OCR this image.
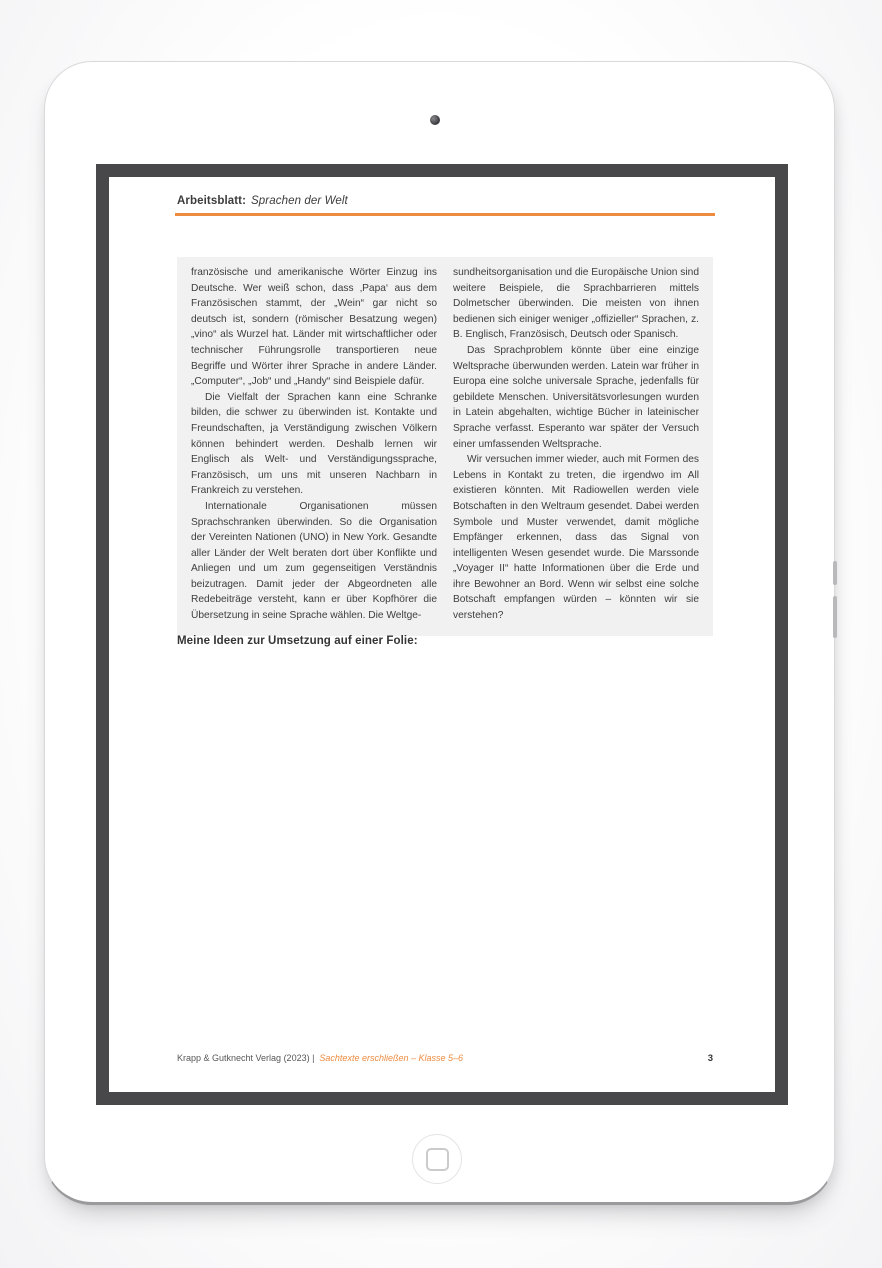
Arbeitsblatt: Sprachen der Welt

französische und amerikanische Wörter Einzug ins Deutsche. Wer weiß schon, dass ‚Papa‘ aus dem Französischen stammt, der „Wein“ gar nicht so deutsch ist, sondern (römischer Besatzung wegen) „vino“ als Wurzel hat. Länder mit wirtschaftlicher oder technischer Führungsrolle transportieren neue Begriffe und Wörter ihrer Sprache in andere Länder. „Computer“, „Job“ und „Handy“ sind Beispiele dafür.

Die Vielfalt der Sprachen kann eine Schranke bilden, die schwer zu überwinden ist. Kontakte und Freundschaften, ja Verständigung zwischen Völkern können behindert werden. Deshalb lernen wir Englisch als Welt- und Verständigungssprache, Französisch, um uns mit unseren Nachbarn in Frankreich zu verstehen.

Internationale Organisationen müssen Sprachschranken überwinden. So die Organisation der Vereinten Nationen (UNO) in New York. Gesandte aller Länder der Welt beraten dort über Konflikte und Anliegen und um zum gegenseitigen Verständnis beizutragen. Damit jeder der Abgeordneten alle Redebeiträge versteht, kann er über Kopfhörer die Übersetzung in seine Sprache wählen. Die Weltge-

sundheitsorganisation und die Europäische Union sind weitere Beispiele, die Sprachbarrieren mittels Dolmetscher überwinden. Die meisten von ihnen bedienen sich einiger weniger „offizieller“ Sprachen, z. B. Englisch, Französisch, Deutsch oder Spanisch.

Das Sprachproblem könnte über eine einzige Weltsprache überwunden werden. Latein war früher in Europa eine solche universale Sprache, jedenfalls für gebildete Menschen. Universitätsvorlesungen wurden in Latein abgehalten, wichtige Bücher in lateinischer Sprache verfasst. Esperanto war später der Versuch einer umfassenden Weltsprache.

Wir versuchen immer wieder, auch mit Formen des Lebens in Kontakt zu treten, die irgendwo im All existieren könnten. Mit Radiowellen werden viele Botschaften in den Weltraum gesendet. Dabei werden Symbole und Muster verwendet, damit mögliche Empfänger erkennen, dass das Signal von intelligenten Wesen gesendet wurde. Die Marssonde „Voyager II“ hatte Informationen über die Erde und ihre Bewohner an Bord. Wenn wir selbst eine solche Botschaft empfangen würden – könnten wir sie verstehen?

Meine Ideen zur Umsetzung auf einer Folie:
Krapp & Gutknecht Verlag (2023) | Sachtexte erschließen – Klasse 5–6	3
